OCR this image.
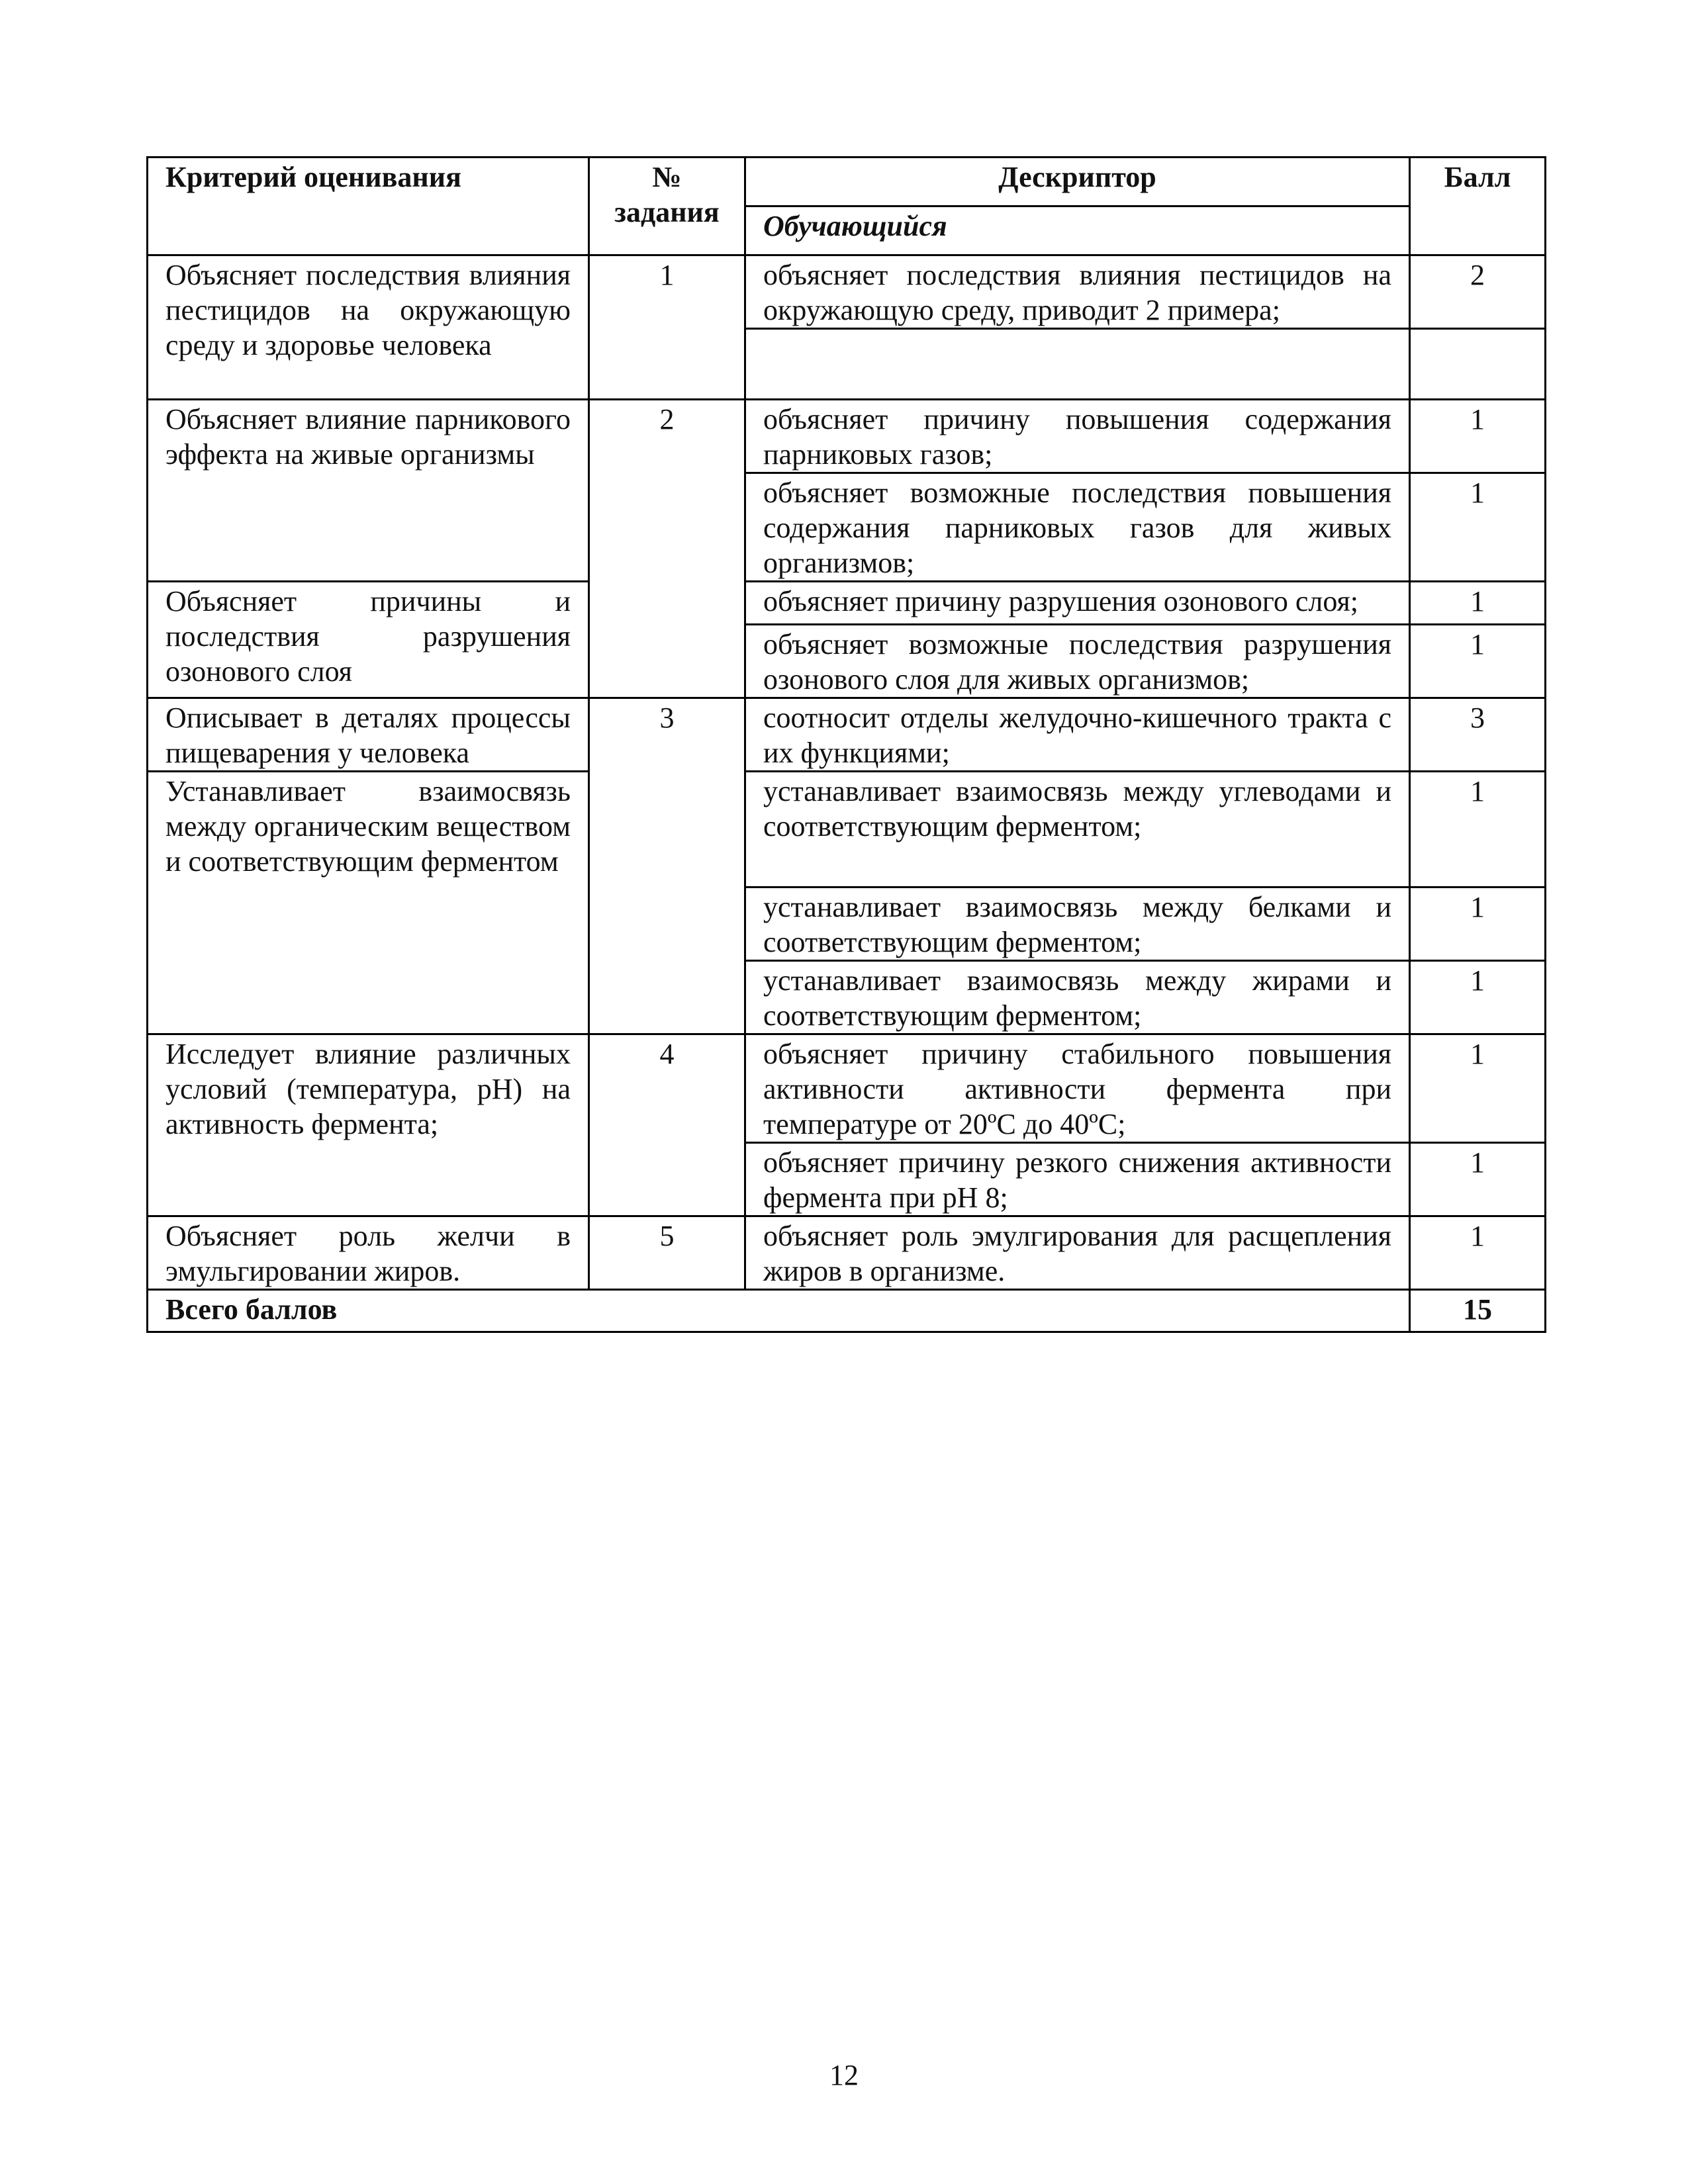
Критерий оценивания	№ задания	Дескриптор	Балл
		Обучающийся	
Объясняет последствия влияния пестицидов на окружающую среду и здоровье человека	1	объясняет последствия влияния пестицидов на окружающую среду, приводит 2 примера;	2

Объясняет влияние парникового эффекта на живые организмы	2	объясняет причину повышения содержания парниковых газов;	1
		объясняет возможные последствия повышения содержания парниковых газов для живых организмов;	1
Объясняет причины и последствия разрушения озонового слоя		объясняет причину разрушения озонового слоя;	1
		объясняет возможные последствия разрушения озонового слоя для живых организмов;	1
Описывает в деталях процессы пищеварения у человека	3	соотносит отделы желудочно-кишечного тракта с их функциями;	3
Устанавливает взаимосвязь между органическим веществом и соответствующим ферментом		устанавливает взаимосвязь между углеводами и соответствующим ферментом;	1
		устанавливает взаимосвязь между белками и соответствующим ферментом;	1
		устанавливает взаимосвязь между жирами и соответствующим ферментом;	1
Исследует влияние различных условий (температура, pH) на активность фермента;	4	объясняет причину стабильного повышения активности активности фермента при температуре от 20ºС до 40ºС;	1
		объясняет причину резкого снижения активности фермента при pH 8;	1
Объясняет роль желчи в эмульгировании жиров.	5	объясняет роль эмулгирования для расщепления жиров в организме.	1
Всего баллов			15
12
